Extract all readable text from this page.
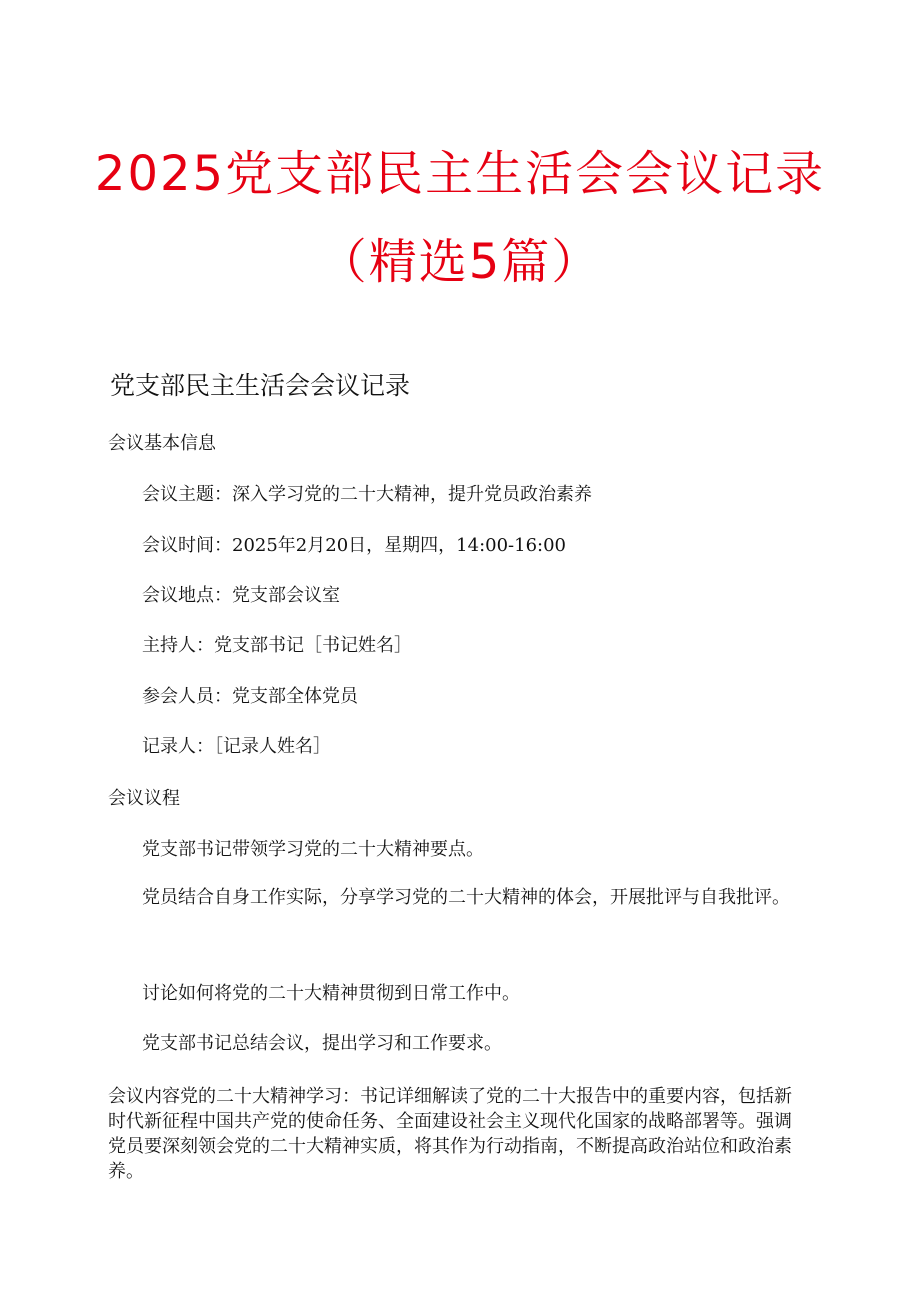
2025党支部民主生活会会议记录
（精选5篇）
党支部民主生活会会议记录
会议基本信息
会议主题：深入学习党的二十大精神，提升党员政治素养
会议时间：2025年2月20日，星期四，14:00-16:00
会议地点：党支部会议室
主持人：党支部书记［书记姓名］
参会人员：党支部全体党员
记录人：［记录人姓名］
会议议程
党支部书记带领学习党的二十大精神要点。
党员结合自身工作实际，分享学习党的二十大精神的体会，开展批评与自我批评。
讨论如何将党的二十大精神贯彻到日常工作中。
党支部书记总结会议，提出学习和工作要求。
会议内容党的二十大精神学习：书记详细解读了党的二十大报告中的重要内容，包括新时代新征程中国共产党的使命任务、全面建设社会主义现代化国家的战略部署等。强调党员要深刻领会党的二十大精神实质，将其作为行动指南，不断提高政治站位和政治素养。
